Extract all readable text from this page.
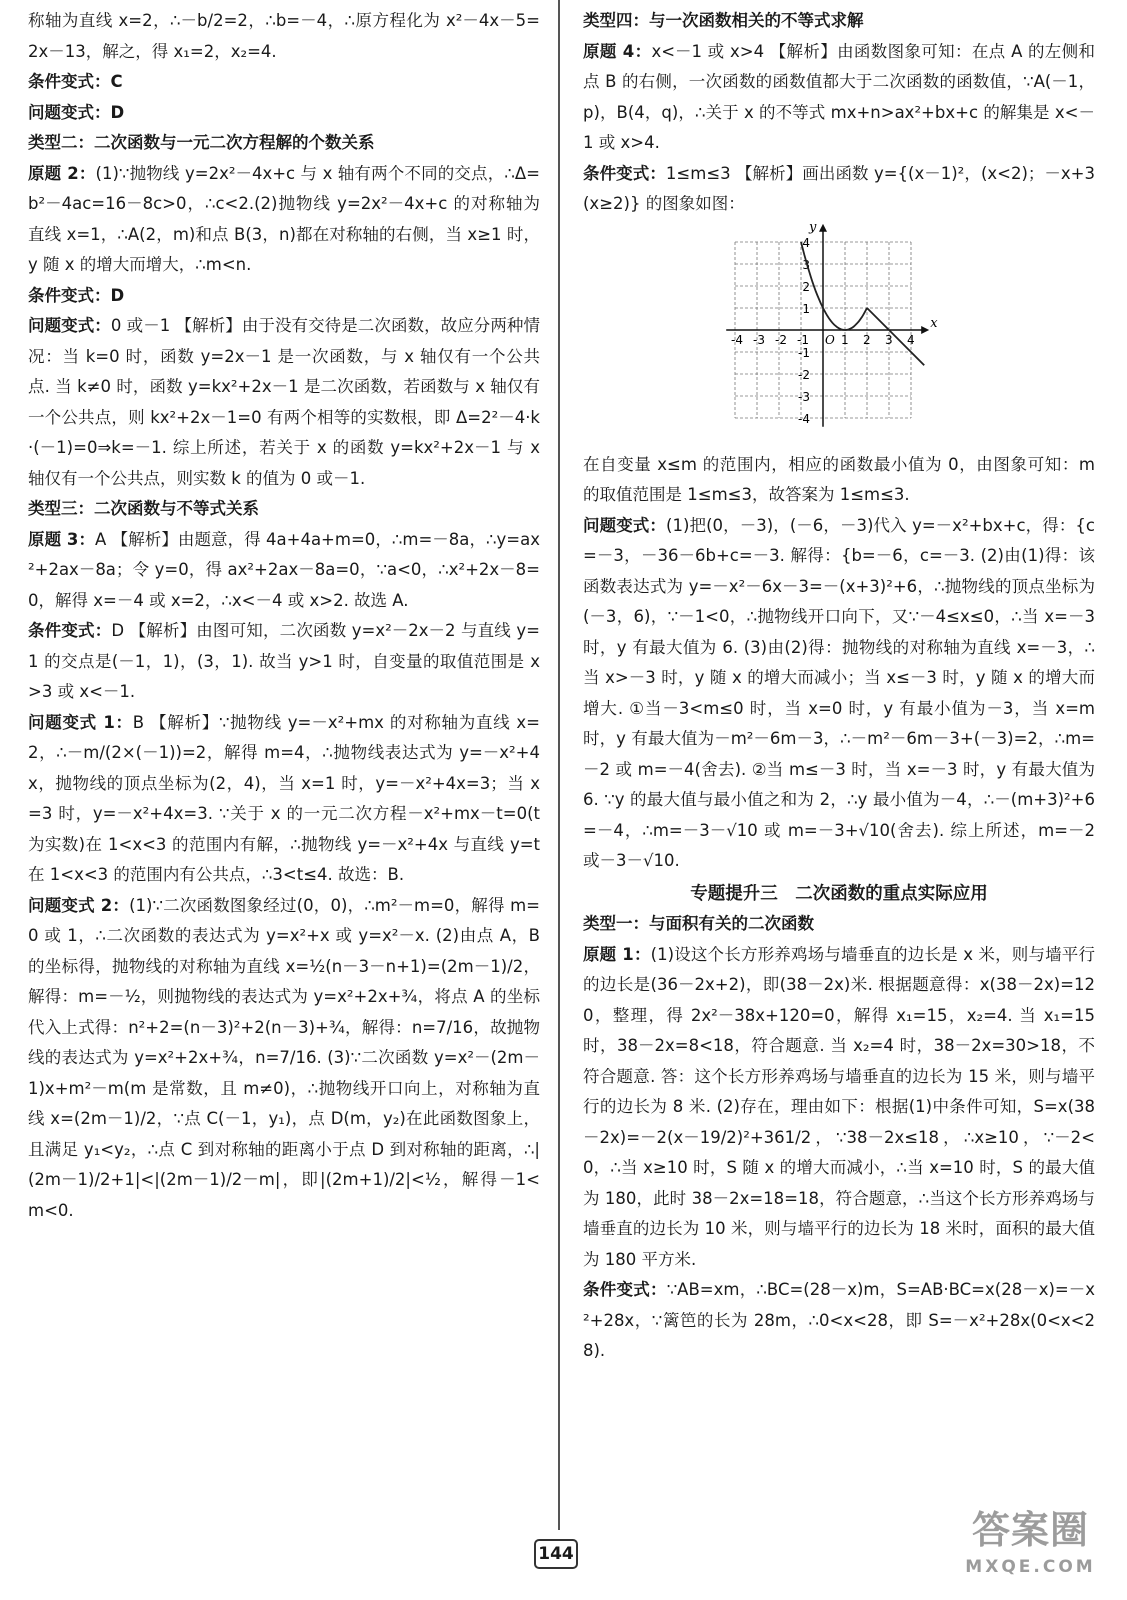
称轴为直线 x=2，∴－b/2=2，∴b=－4，∴原方程化为 x²－4x－5=2x－13，解之，得 x₁=2，x₂=4.

条件变式：C

问题变式：D

类型二：二次函数与一元二次方程解的个数关系

原题 2：(1)∵抛物线 y=2x²－4x+c 与 x 轴有两个不同的交点，∴Δ=b²－4ac=16－8c>0，∴c<2.(2)抛物线 y=2x²－4x+c 的对称轴为直线 x=1，∴A(2，m)和点 B(3，n)都在对称轴的右侧，当 x≥1 时，y 随 x 的增大而增大，∴m<n.

条件变式：D

问题变式：0 或－1 【解析】由于没有交待是二次函数，故应分两种情况：当 k=0 时，函数 y=2x－1 是一次函数，与 x 轴仅有一个公共点. 当 k≠0 时，函数 y=kx²+2x－1 是二次函数，若函数与 x 轴仅有一个公共点，则 kx²+2x－1=0 有两个相等的实数根，即 Δ=2²－4·k·(－1)=0⇒k=－1. 综上所述，若关于 x 的函数 y=kx²+2x－1 与 x 轴仅有一个公共点，则实数 k 的值为 0 或－1.

类型三：二次函数与不等式关系

原题 3：A 【解析】由题意，得 4a+4a+m=0，∴m=－8a，∴y=ax²+2ax－8a；令 y=0，得 ax²+2ax－8a=0，∵a<0，∴x²+2x－8=0，解得 x=－4 或 x=2，∴x<－4 或 x>2. 故选 A.

条件变式：D 【解析】由图可知，二次函数 y=x²－2x－2 与直线 y=1 的交点是(－1，1)，(3，1). 故当 y>1 时，自变量的取值范围是 x>3 或 x<－1.

问题变式 1：B 【解析】∵抛物线 y=－x²+mx 的对称轴为直线 x=2，∴－m/(2×(－1))=2，解得 m=4，∴抛物线表达式为 y=－x²+4x，抛物线的顶点坐标为(2，4)，当 x=1 时，y=－x²+4x=3；当 x=3 时，y=－x²+4x=3. ∵关于 x 的一元二次方程－x²+mx－t=0(t 为实数)在 1<x<3 的范围内有解，∴抛物线 y=－x²+4x 与直线 y=t 在 1<x<3 的范围内有公共点，∴3<t≤4. 故选：B.

问题变式 2：(1)∵二次函数图象经过(0，0)，∴m²－m=0，解得 m=0 或 1，∴二次函数的表达式为 y=x²+x 或 y=x²－x. (2)由点 A，B 的坐标得，抛物线的对称轴为直线 x=½(n－3－n+1)=(2m－1)/2，解得：m=－½，则抛物线的表达式为 y=x²+2x+¾，将点 A 的坐标代入上式得：n²+2=(n－3)²+2(n－3)+¾，解得：n=7/16，故抛物线的表达式为 y=x²+2x+¾，n=7/16. (3)∵二次函数 y=x²－(2m－1)x+m²－m(m 是常数，且 m≠0)，∴抛物线开口向上，对称轴为直线 x=(2m－1)/2，∵点 C(－1，y₁)，点 D(m，y₂)在此函数图象上，且满足 y₁<y₂，∴点 C 到对称轴的距离小于点 D 到对称轴的距离，∴|(2m－1)/2+1|<|(2m－1)/2－m|，即|(2m+1)/2|<½，解得－1<m<0.

类型四：与一次函数相关的不等式求解

原题 4：x<－1 或 x>4 【解析】由函数图象可知：在点 A 的左侧和点 B 的右侧，一次函数的函数值都大于二次函数的函数值，∵A(－1，p)，B(4，q)，∴关于 x 的不等式 mx+n>ax²+bx+c 的解集是 x<－1 或 x>4.

条件变式：1≤m≤3 【解析】画出函数 y={(x－1)²，(x<2)；－x+3(x≥2)} 的图象如图：

x
y
O
-4 -3 -2 -1	1 2 3 4
4
3
2
1
-1
-2
-3
-4

在自变量 x≤m 的范围内，相应的函数最小值为 0，由图象可知：m 的取值范围是 1≤m≤3，故答案为 1≤m≤3.

问题变式：(1)把(0，－3)，(－6，－3)代入 y=－x²+bx+c，得：{c=－3，－36－6b+c=－3. 解得：{b=－6，c=－3. (2)由(1)得：该函数表达式为 y=－x²－6x－3=－(x+3)²+6，∴抛物线的顶点坐标为(－3，6)，∵－1<0，∴抛物线开口向下，又∵－4≤x≤0，∴当 x=－3 时，y 有最大值为 6. (3)由(2)得：抛物线的对称轴为直线 x=－3，∴当 x>－3 时，y 随 x 的增大而减小；当 x≤－3 时，y 随 x 的增大而增大. ①当－3<m≤0 时，当 x=0 时，y 有最小值为－3，当 x=m 时，y 有最大值为－m²－6m－3，∴－m²－6m－3+(－3)=2，∴m=－2 或 m=－4(舍去). ②当 m≤－3 时，当 x=－3 时，y 有最大值为 6. ∵y 的最大值与最小值之和为 2，∴y 最小值为－4，∴－(m+3)²+6=－4，∴m=－3－√10 或 m=－3+√10(舍去). 综上所述，m=－2 或－3－√10.

专题提升三　二次函数的重点实际应用

类型一：与面积有关的二次函数

原题 1：(1)设这个长方形养鸡场与墙垂直的边长是 x 米，则与墙平行的边长是(36－2x+2)，即(38－2x)米. 根据题意得：x(38－2x)=120，整理，得 2x²－38x+120=0，解得 x₁=15，x₂=4. 当 x₁=15 时，38－2x=8<18，符合题意. 当 x₂=4 时，38－2x=30>18，不符合题意. 答：这个长方形养鸡场与墙垂直的边长为 15 米，则与墙平行的边长为 8 米. (2)存在，理由如下：根据(1)中条件可知，S=x(38－2x)=－2(x－19/2)²+361/2，∵38－2x≤18，∴x≥10，∵－2<0，∴当 x≥10 时，S 随 x 的增大而减小，∴当 x=10 时，S 的最大值为 180，此时 38－2x=18=18，符合题意，∴当这个长方形养鸡场与墙垂直的边长为 10 米，则与墙平行的边长为 18 米时，面积的最大值为 180 平方米.

条件变式：∵AB=xm，∴BC=(28－x)m，S=AB·BC=x(28－x)=－x²+28x，∵篱笆的长为 28m，∴0<x<28，即 S=－x²+28x(0<x<28).

144
答案圈
MXQE.COM
